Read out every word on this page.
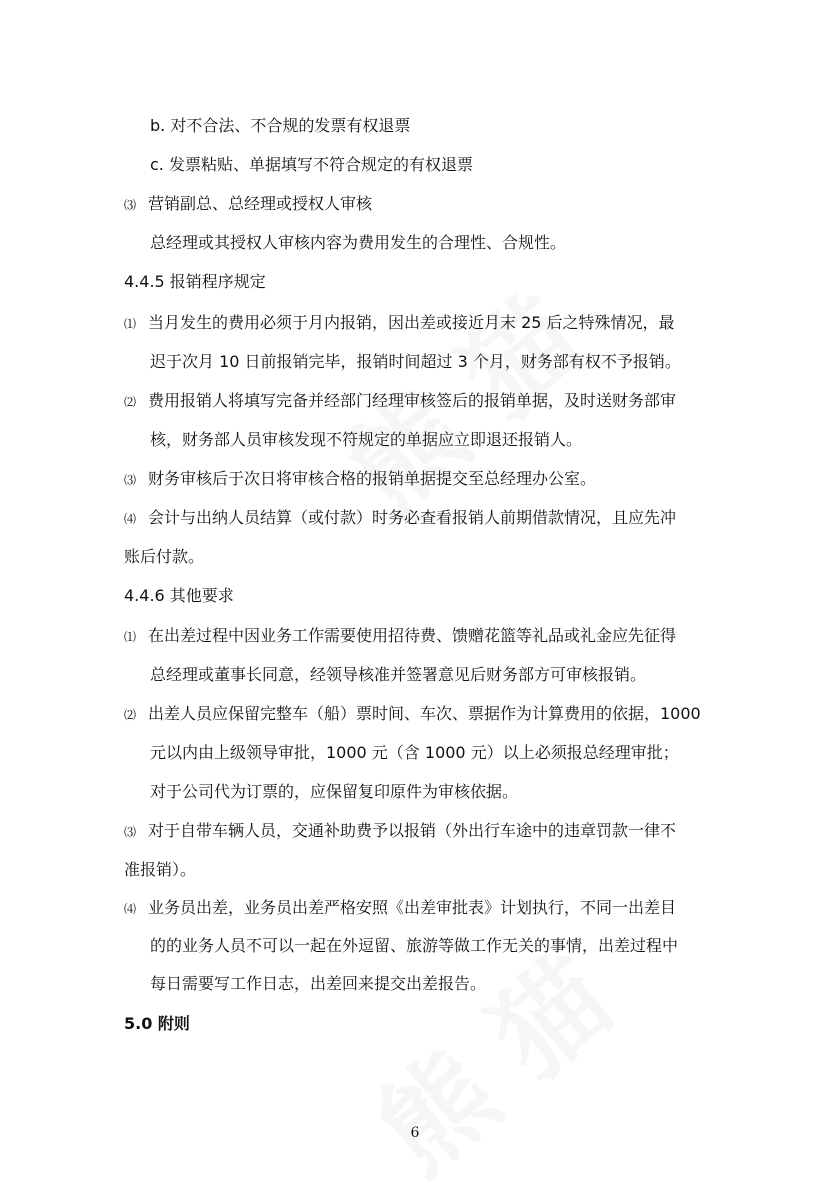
b. 对不合法、不合规的发票有权退票
c. 发票粘贴、单据填写不符合规定的有权退票
⑶ 营销副总、总经理或授权人审核
总经理或其授权人审核内容为费用发生的合理性、合规性。
4.4.5 报销程序规定
⑴ 当月发生的费用必须于月内报销，因出差或接近月末 25 后之特殊情况，最
迟于次月 10 日前报销完毕，报销时间超过 3 个月，财务部有权不予报销。
⑵ 费用报销人将填写完备并经部门经理审核签后的报销单据，及时送财务部审
核，财务部人员审核发现不符规定的单据应立即退还报销人。
⑶ 财务审核后于次日将审核合格的报销单据提交至总经理办公室。
⑷ 会计与出纳人员结算（或付款）时务必查看报销人前期借款情况，且应先冲
账后付款。
4.4.6 其他要求
⑴ 在出差过程中因业务工作需要使用招待费、馈赠花篮等礼品或礼金应先征得
总经理或董事长同意，经领导核准并签署意见后财务部方可审核报销。
⑵ 出差人员应保留完整车（船）票时间、车次、票据作为计算费用的依据，1000
元以内由上级领导审批，1000 元（含 1000 元）以上必须报总经理审批；
对于公司代为订票的，应保留复印原件为审核依据。
⑶ 对于自带车辆人员，交通补助费予以报销（外出行车途中的违章罚款一律不
准报销）。
⑷ 业务员出差，业务员出差严格安照《出差审批表》计划执行，不同一出差目
的的业务人员不可以一起在外逗留、旅游等做工作无关的事情，出差过程中
每日需要写工作日志，出差回来提交出差报告。
5.0 附则
6
